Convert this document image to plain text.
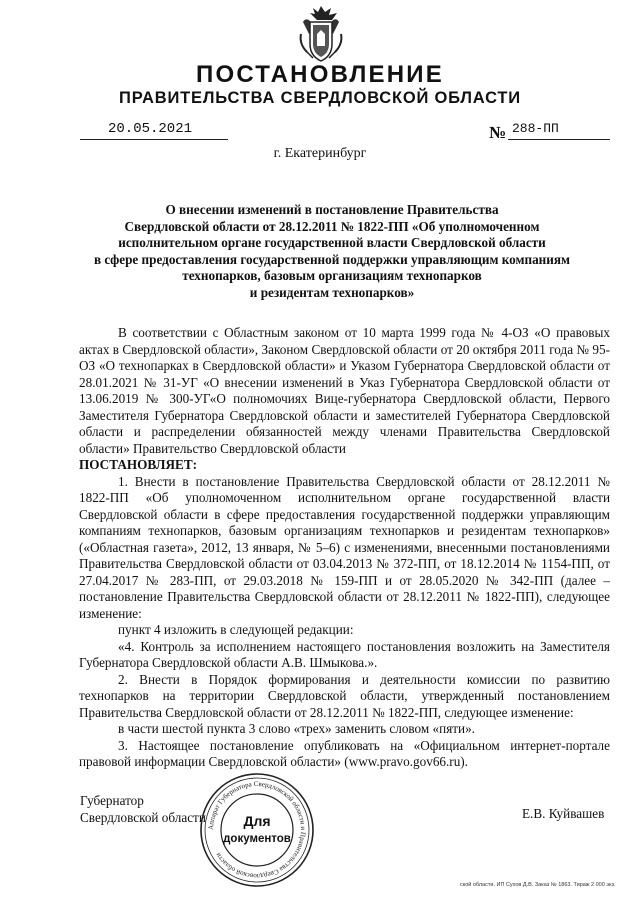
ПОСТАНОВЛЕНИЕ
ПРАВИТЕЛЬСТВА СВЕРДЛОВСКОЙ ОБЛАСТИ
20.05.2021	№ 288-ПП
г. Екатеринбург
О внесении изменений в постановление Правительства
Свердловской области от 28.12.2011 № 1822-ПП «Об уполномоченном
исполнительном органе государственной власти Свердловской области
в сфере предоставления государственной поддержки управляющим компаниям
технопарков, базовым организациям технопарков
и резидентам технопарков»

В соответствии с Областным законом от 10 марта 1999 года № 4-ОЗ «О правовых актах в Свердловской области», Законом Свердловской области от 20 октября 2011 года № 95-ОЗ «О технопарках в Свердловской области» и Указом Губернатора Свердловской области от 28.01.2021 № 31-УГ «О внесении изменений в Указ Губернатора Свердловской области от 13.06.2019 № 300-УГ«О полномочиях Вице-губернатора Свердловской области, Первого Заместителя Губернатора Свердловской области и заместителей Губернатора Свердловской области и распределении обязанностей между членами Правительства Свердловской области» Правительство Свердловской области

ПОСТАНОВЛЯЕТ:

1. Внести в постановление Правительства Свердловской области от 28.12.2011 № 1822-ПП «Об уполномоченном исполнительном органе государственной власти Свердловской области в сфере предоставления государственной поддержки управляющим компаниям технопарков, базовым организациям технопарков и резидентам технопарков» («Областная газета», 2012, 13 января, № 5–6) с изменениями, внесенными постановлениями Правительства Свердловской области от 03.04.2013 № 372-ПП, от 18.12.2014 № 1154-ПП, от 27.04.2017 № 283-ПП, от 29.03.2018 № 159-ПП и от 28.05.2020 № 342-ПП (далее – постановление Правительства Свердловской области от 28.12.2011 № 1822-ПП), следующее изменение:

пункт 4 изложить в следующей редакции:

«4. Контроль за исполнением настоящего постановления возложить на Заместителя Губернатора Свердловской области А.В. Шмыкова.».

2. Внести в Порядок формирования и деятельности комиссии по развитию технопарков на территории Свердловской области, утвержденный постановлением Правительства Свердловской области от 28.12.2011 № 1822-ПП, следующее изменение:

в части шестой пункта 3 слово «трех» заменить словом «пяти».

3. Настоящее постановление опубликовать на «Официальном интернет-портале правовой информации Свердловской области» (www.pravo.gov66.ru).

Губернатор
Свердловской области	Е.В. Куйвашев
Аппарат Губернатора Свердловской области и Правительства Свердловской области
Для
документов
ской области. ИП Сухов Д.В. Заказ № 1863. Тираж 2 000 экз.
